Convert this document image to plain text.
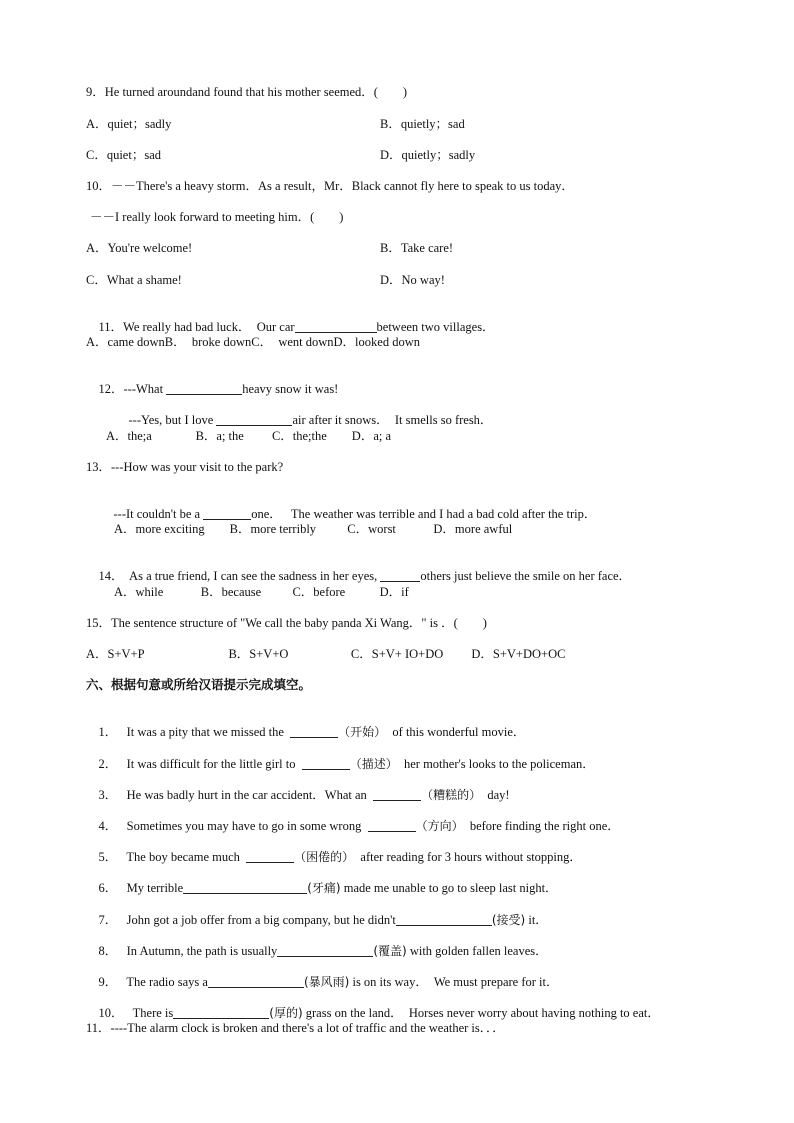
9．He turned aroundand found that his mother seemed．(　　)
A．quiet；sadly	B．quietly；sad
C．quiet；sad	D．quietly；sadly
10．－－There's a heavy storm．As a result，Mr．Black cannot fly here to speak to us today．
－－I really look forward to meeting him．(　　)
A．You're welcome!	B．Take care!
C．What a shame!	D．No way!

11．We really had bad luck．  Our car	between two villages．

A．came downB．  broke downC．  went downD．looked down

12．---What	heavy snow it was!

---Yes, but I love	air after it snows．  It smells so fresh．

A．the;a              B．a; the         C．the;the        D．a; a
13．---How was your visit to the park?

---It couldn't be a	one．   The weather was terrible and I had a bad cold after the trip．

A．more exciting        B．more terribly          C．worst            D．more awful

14．  As a true friend, I can see the sadness in her eyes,	others just believe the smile on her face．

A．while            B．because          C．before           D．if
15．The sentence structure of "We call the baby panda Xi Wang．" is ．(　　)
A．S+V+P                           B．S+V+O                    C．S+V+ IO+DO         D．S+V+DO+OC
六、根据句意或所给汉语提示完成填空。

1．   It was a pity that we missed the	（开始）  of this wonderful movie．

2．   It was difficult for the little girl to	（描述）  her mother's looks to the policeman．

3．   He was badly hurt in the car accident．What an	（糟糕的）  day!

4．   Sometimes you may have to go in some wrong	（方向）  before finding the right one．

5．   The boy became much	（困倦的）  after reading for 3 hours without stopping．

6．   My terrible	(牙痛) made me unable to go to sleep last night．

7．   John got a job offer from a big company, but he didn't	(接受) it．

8．   In Autumn, the path is usually	(覆盖) with golden fallen leaves．

9．   The radio says a	(暴风雨) is on its way．  We must prepare for it．

10．   There is	(厚的) grass on the land．  Horses never worry about having nothing to eat．

11．----The alarm clock is broken and there's a lot of traffic and the weather is．．．
